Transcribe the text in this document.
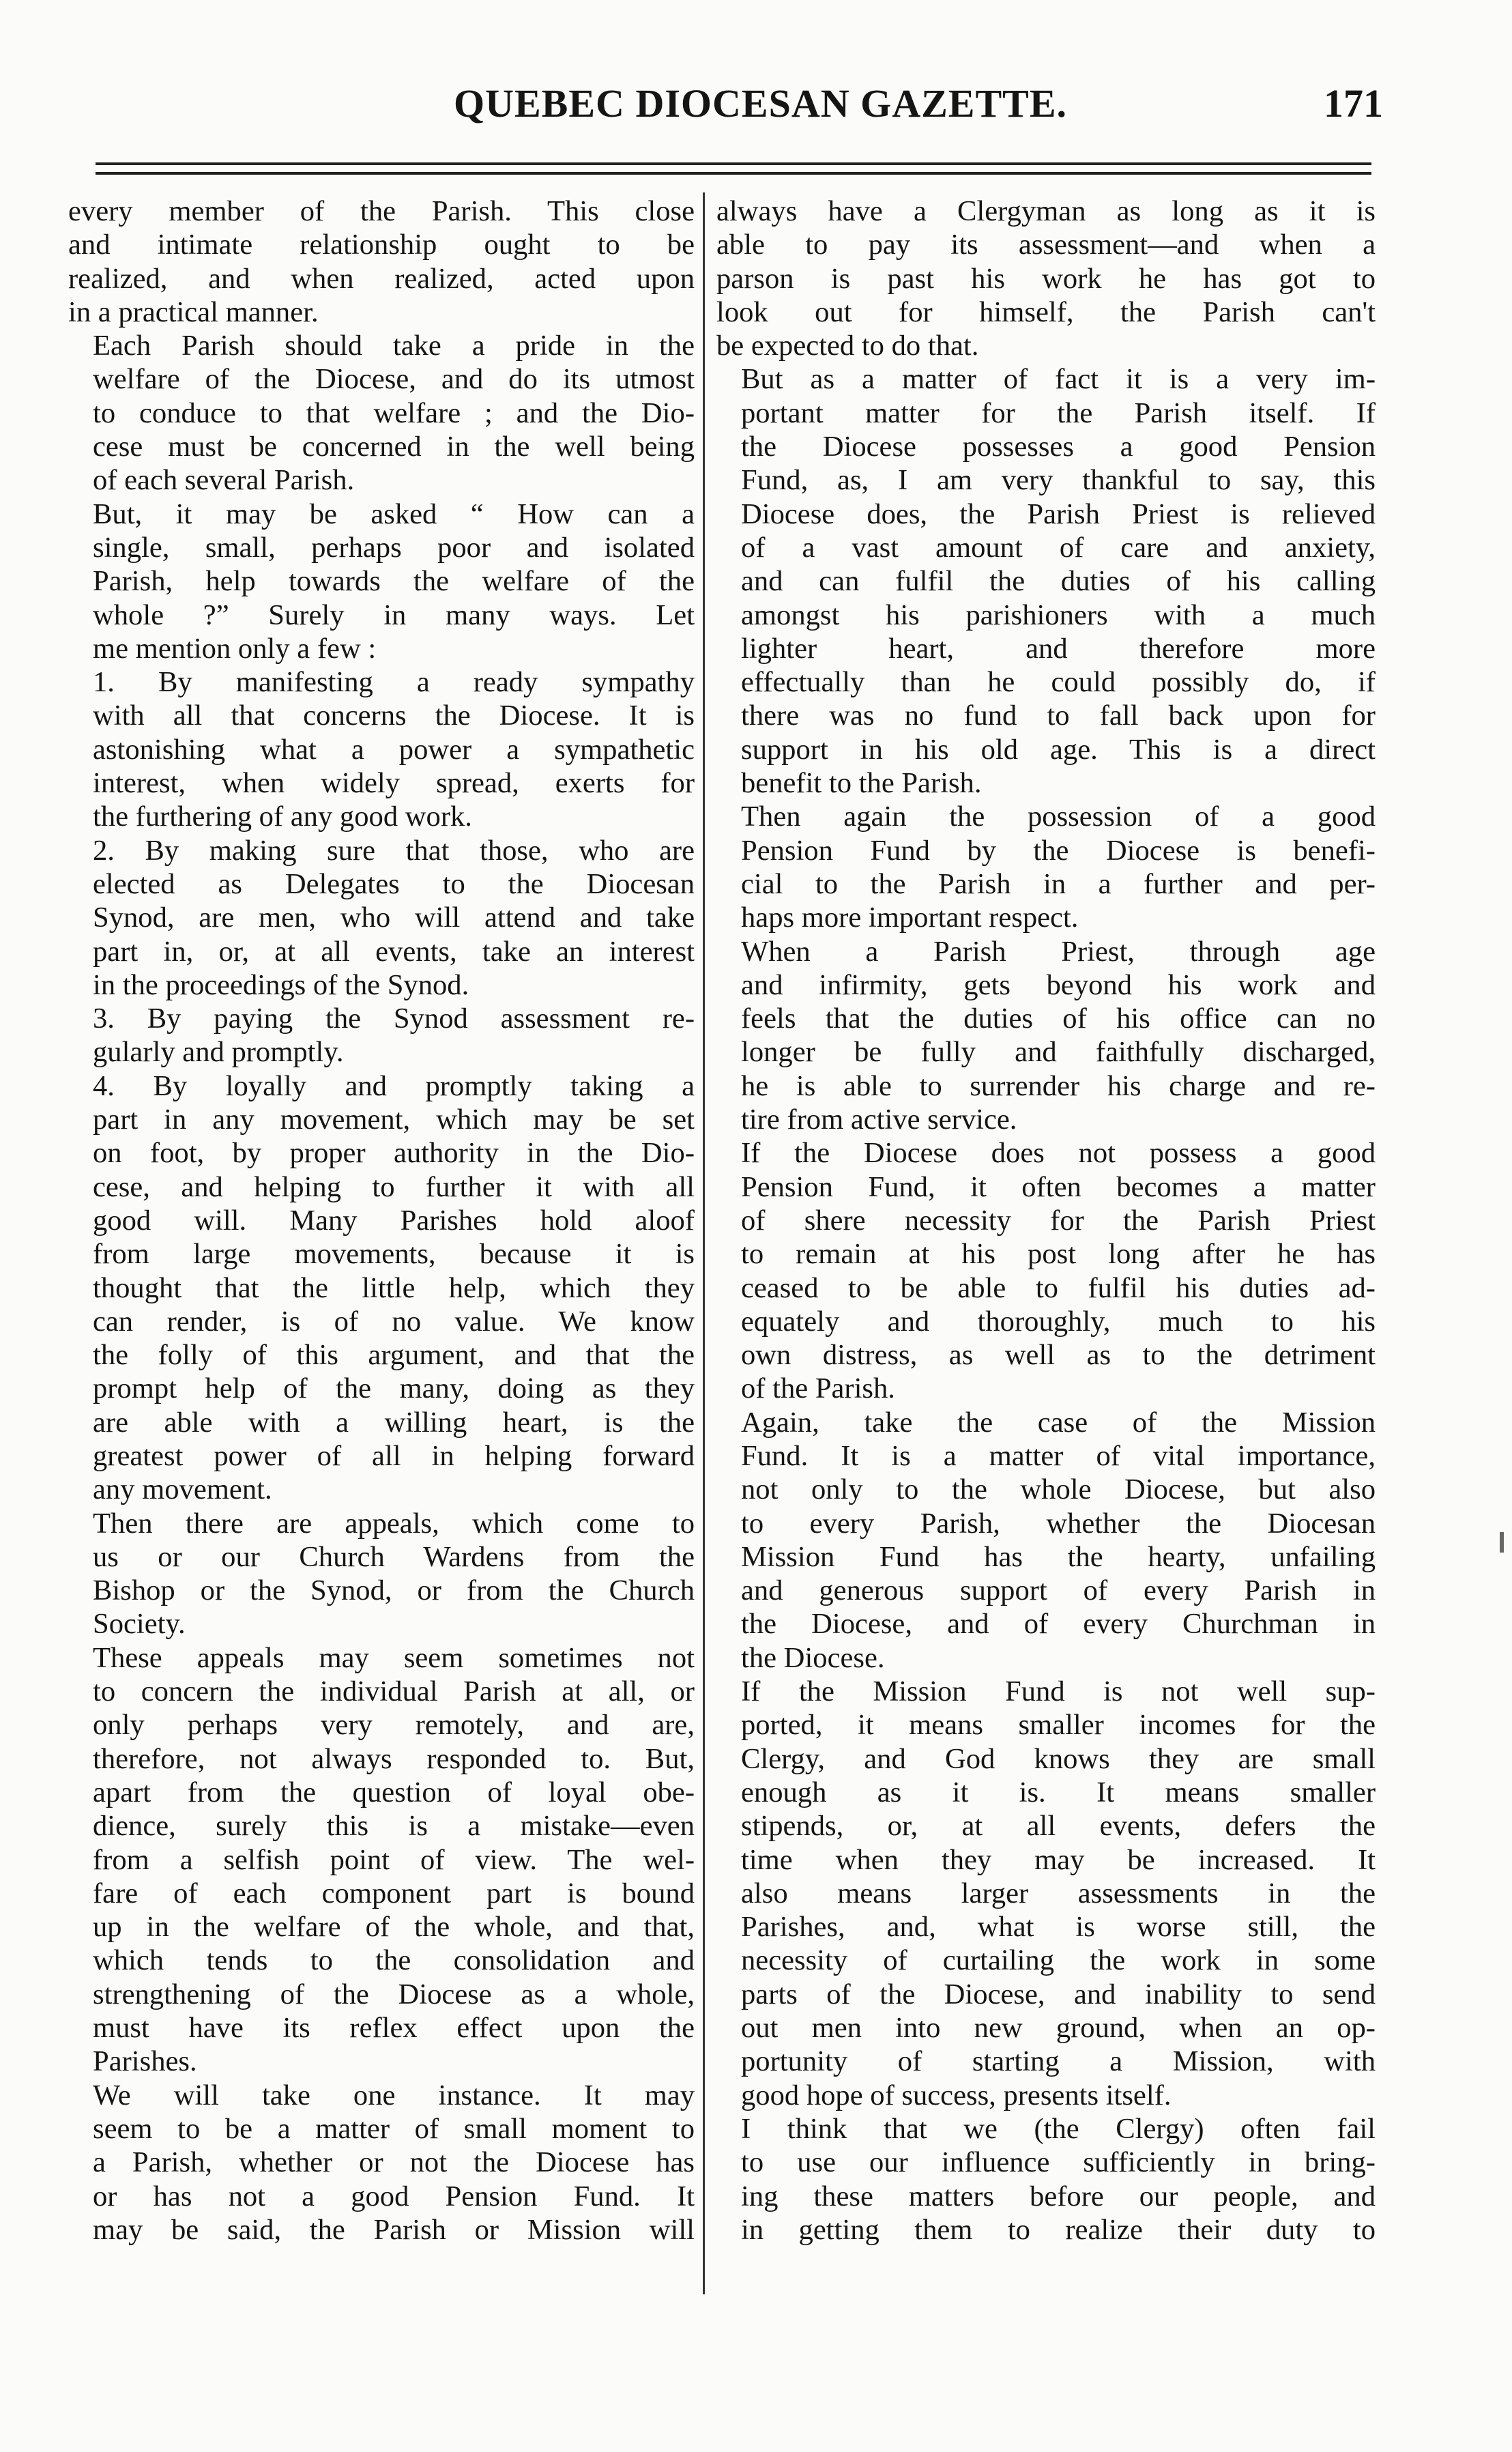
QUEBEC DIOCESAN GAZETTE.	171
every member of the Parish. This close
and intimate relationship ought to be
realized, and when realized, acted upon
in a practical manner.
Each Parish should take a pride in the
welfare of the Diocese, and do its utmost
to conduce to that welfare ; and the Dio-
cese must be concerned in the well being
of each several Parish.
But, it may be asked “ How can a
single, small, perhaps poor and isolated
Parish, help towards the welfare of the
whole ?” Surely in many ways. Let
me mention only a few :
1. By manifesting a ready sympathy
with all that concerns the Diocese. It is
astonishing what a power a sympathetic
interest, when widely spread, exerts for
the furthering of any good work.
2. By making sure that those, who are
elected as Delegates to the Diocesan
Synod, are men, who will attend and take
part in, or, at all events, take an interest
in the proceedings of the Synod.
3. By paying the Synod assessment re-
gularly and promptly.
4. By loyally and promptly taking a
part in any movement, which may be set
on foot, by proper authority in the Dio-
cese, and helping to further it with all
good will. Many Parishes hold aloof
from large movements, because it is
thought that the little help, which they
can render, is of no value. We know
the folly of this argument, and that the
prompt help of the many, doing as they
are able with a willing heart, is the
greatest power of all in helping forward
any movement.
Then there are appeals, which come to
us or our Church Wardens from the
Bishop or the Synod, or from the Church
Society.
These appeals may seem sometimes not
to concern the individual Parish at all, or
only perhaps very remotely, and are,
therefore, not always responded to. But,
apart from the question of loyal obe-
dience, surely this is a mistake—even
from a selfish point of view. The wel-
fare of each component part is bound
up in the welfare of the whole, and that,
which tends to the consolidation and
strengthening of the Diocese as a whole,
must have its reflex effect upon the
Parishes.
We will take one instance. It may
seem to be a matter of small moment to
a Parish, whether or not the Diocese has
or has not a good Pension Fund. It
may be said, the Parish or Mission will
always have a Clergyman as long as it is
able to pay its assessment—and when a
parson is past his work he has got to
look out for himself, the Parish can't
be expected to do that.
But as a matter of fact it is a very im-
portant matter for the Parish itself. If
the Diocese possesses a good Pension
Fund, as, I am very thankful to say, this
Diocese does, the Parish Priest is relieved
of a vast amount of care and anxiety,
and can fulfil the duties of his calling
amongst his parishioners with a much
lighter heart, and therefore more
effectually than he could possibly do, if
there was no fund to fall back upon for
support in his old age. This is a direct
benefit to the Parish.
Then again the possession of a good
Pension Fund by the Diocese is benefi-
cial to the Parish in a further and per-
haps more important respect.
When a Parish Priest, through age
and infirmity, gets beyond his work and
feels that the duties of his office can no
longer be fully and faithfully discharged,
he is able to surrender his charge and re-
tire from active service.
If the Diocese does not possess a good
Pension Fund, it often becomes a matter
of shere necessity for the Parish Priest
to remain at his post long after he has
ceased to be able to fulfil his duties ad-
equately and thoroughly, much to his
own distress, as well as to the detriment
of the Parish.
Again, take the case of the Mission
Fund. It is a matter of vital importance,
not only to the whole Diocese, but also
to every Parish, whether the Diocesan
Mission Fund has the hearty, unfailing
and generous support of every Parish in
the Diocese, and of every Churchman in
the Diocese.
If the Mission Fund is not well sup-
ported, it means smaller incomes for the
Clergy, and God knows they are small
enough as it is. It means smaller
stipends, or, at all events, defers the
time when they may be increased. It
also means larger assessments in the
Parishes, and, what is worse still, the
necessity of curtailing the work in some
parts of the Diocese, and inability to send
out men into new ground, when an op-
portunity of starting a Mission, with
good hope of success, presents itself.
I think that we (the Clergy) often fail
to use our influence sufficiently in bring-
ing these matters before our people, and
in getting them to realize their duty to
